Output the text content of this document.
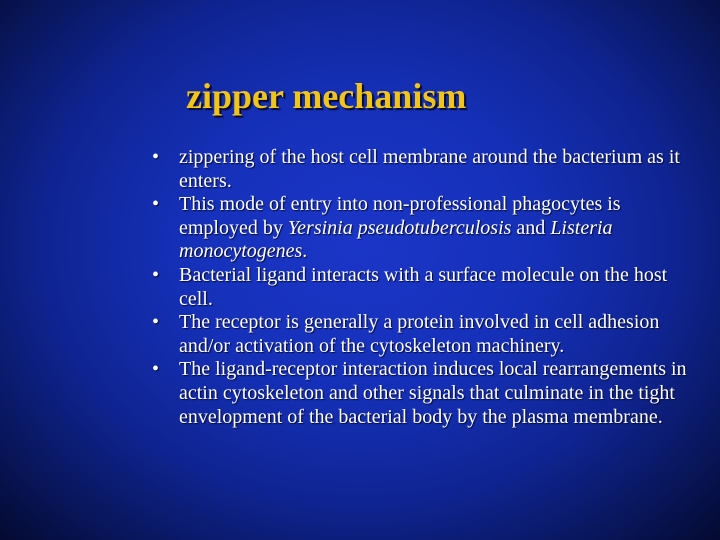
zipper mechanism
• zippering of the host cell membrane around the bacterium as it enters.
• This mode of entry into non-professional phagocytes is employed by Yersinia pseudotuberculosis and Listeria monocytogenes.
• Bacterial ligand interacts with a surface molecule on the host cell.
• The receptor is generally a protein involved in cell adhesion and/or activation of the cytoskeleton machinery.
• The ligand-receptor interaction induces local rearrangements in actin cytoskeleton and other signals that culminate in the tight envelopment of the bacterial body by the plasma membrane.
